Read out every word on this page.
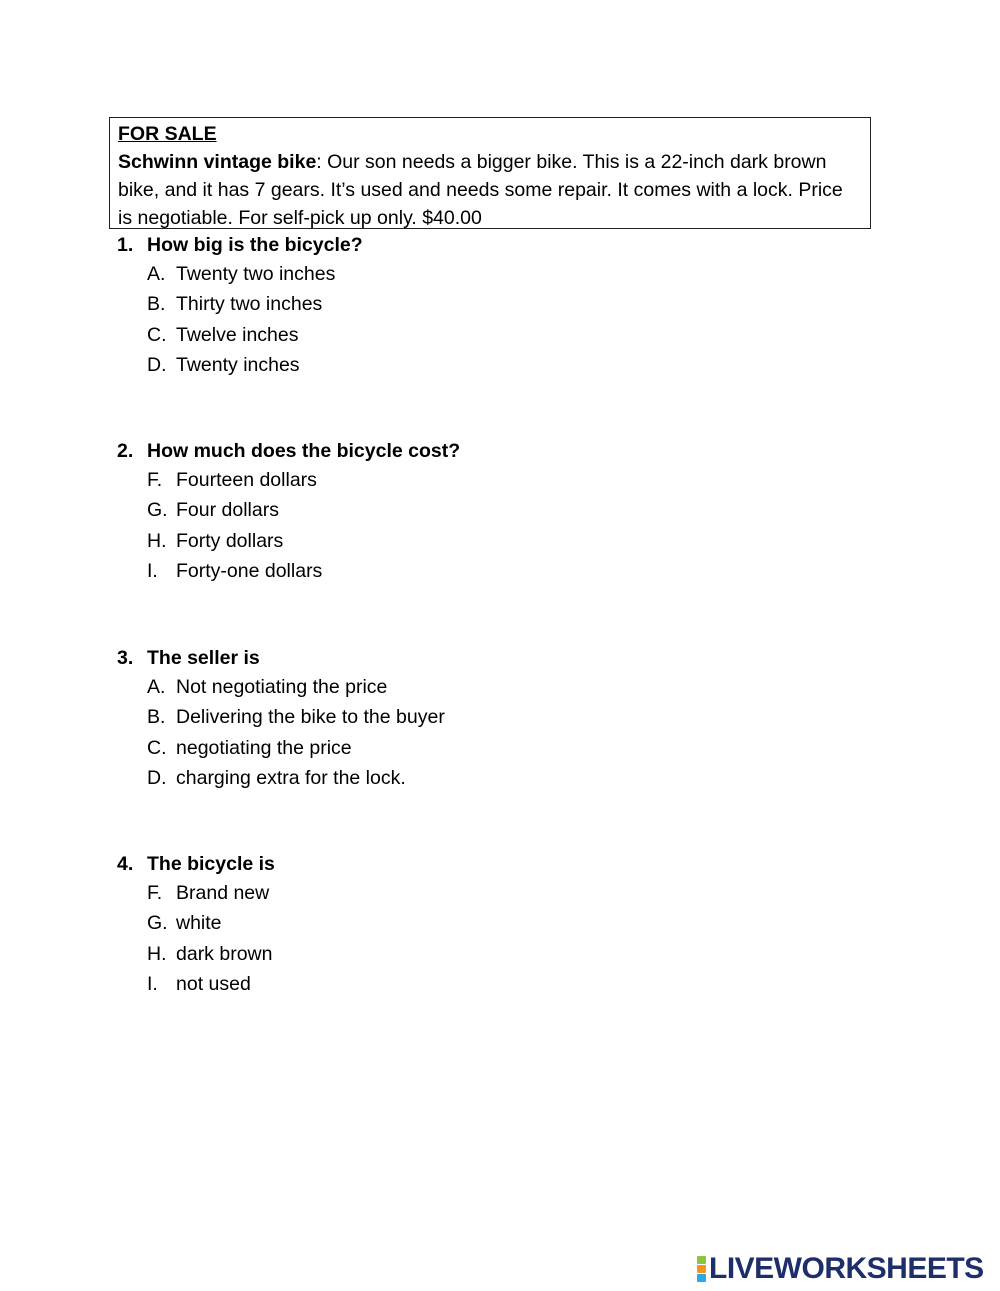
FOR SALE
Schwinn vintage bike: Our son needs a bigger bike. This is a 22-inch dark brown bike, and it has 7 gears. It’s used and needs some repair. It comes with a lock. Price is negotiable. For self-pick up only. $40.00
1. How big is the bicycle?
A. Twenty two inches
B. Thirty two inches
C. Twelve inches
D. Twenty inches
2. How much does the bicycle cost?
F. Fourteen dollars
G. Four dollars
H. Forty dollars
I. Forty-one dollars
3. The seller is
A. Not negotiating the price
B. Delivering the bike to the buyer
C. negotiating the price
D. charging extra for the lock.
4. The bicycle is
F. Brand new
G. white
H. dark brown
I. not used
LIVEWORKSHEETS
